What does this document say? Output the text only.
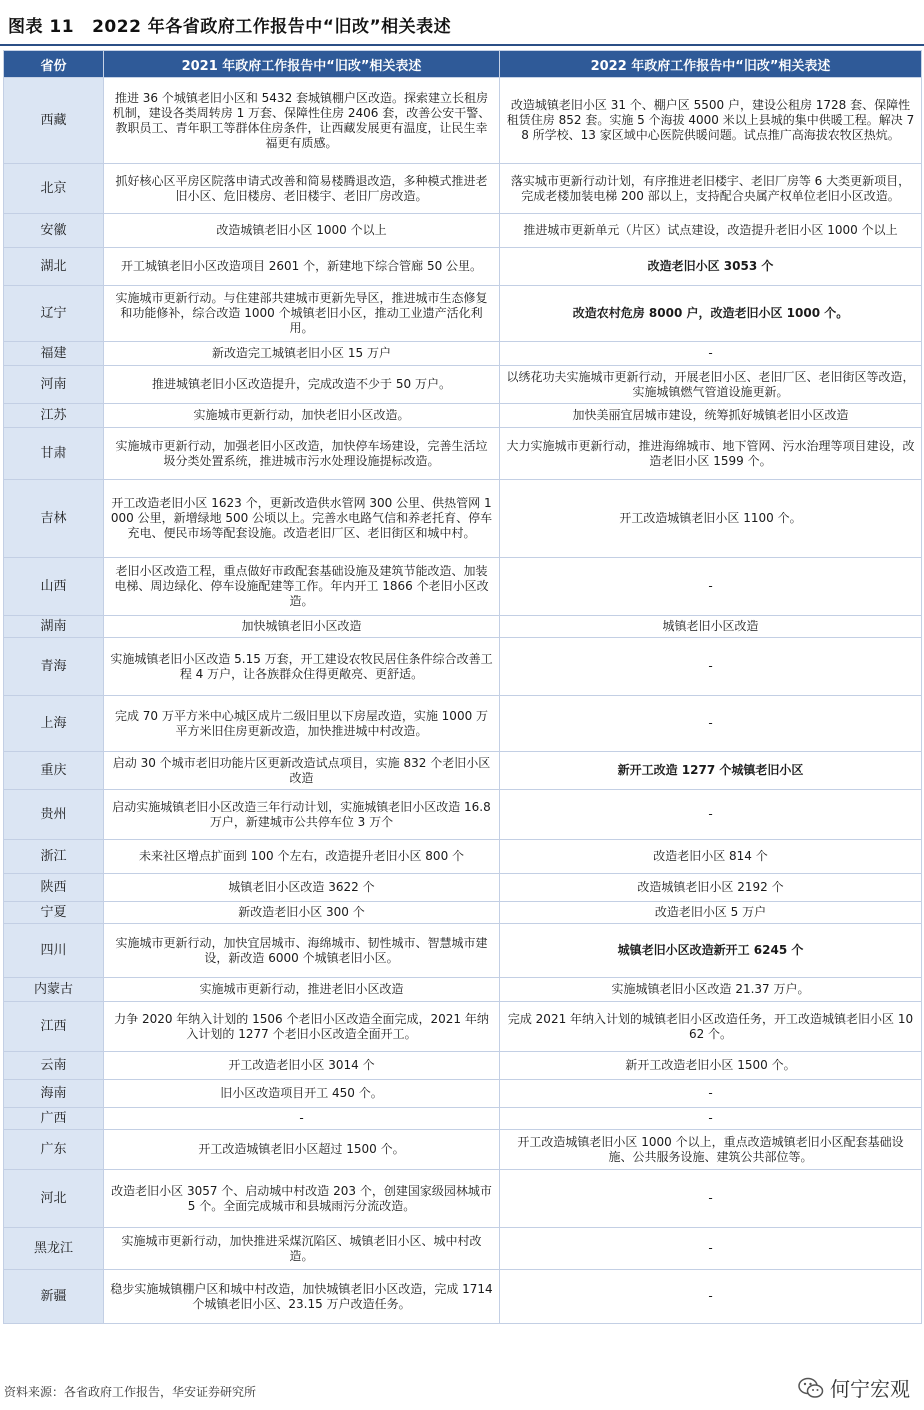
图表 11 2022 年各省政府工作报告中“旧改”相关表述
省份	2021 年政府工作报告中“旧改”相关表述	2022 年政府工作报告中“旧改”相关表述
西藏	推进 36 个城镇老旧小区和 5432 套城镇棚户区改造。探索建立长租房机制，建设各类周转房 1 万套、保障性住房 2406 套，改善公安干警、教职员工、青年职工等群体住房条件，让西藏发展更有温度，让民生幸福更有质感。	改造城镇老旧小区 31 个、棚户区 5500 户，建设公租房 1728 套、保障性租赁住房 852 套。实施 5 个海拔 4000 米以上县城的集中供暖工程。解决 78 所学校、13 家区域中心医院供暖问题。试点推广高海拔农牧区热炕。
北京	抓好核心区平房区院落申请式改善和简易楼腾退改造，多种模式推进老旧小区、危旧楼房、老旧楼宇、老旧厂房改造。	落实城市更新行动计划，有序推进老旧楼宇、老旧厂房等 6 大类更新项目，完成老楼加装电梯 200 部以上，支持配合央属产权单位老旧小区改造。
安徽	改造城镇老旧小区 1000 个以上	推进城市更新单元（片区）试点建设，改造提升老旧小区 1000 个以上
湖北	开工城镇老旧小区改造项目 2601 个，新建地下综合管廊 50 公里。	改造老旧小区 3053 个
辽宁	实施城市更新行动。与住建部共建城市更新先导区，推进城市生态修复和功能修补，综合改造 1000 个城镇老旧小区，推动工业遗产活化利用。	改造农村危房 8000 户，改造老旧小区 1000 个。
福建	新改造完工城镇老旧小区 15 万户	-
河南	推进城镇老旧小区改造提升，完成改造不少于 50 万户。	以绣花功夫实施城市更新行动，开展老旧小区、老旧厂区、老旧街区等改造，实施城镇燃气管道设施更新。
江苏	实施城市更新行动，加快老旧小区改造。	加快美丽宜居城市建设，统筹抓好城镇老旧小区改造
甘肃	实施城市更新行动，加强老旧小区改造，加快停车场建设，完善生活垃圾分类处置系统，推进城市污水处理设施提标改造。	大力实施城市更新行动，推进海绵城市、地下管网、污水治理等项目建设，改造老旧小区 1599 个。
吉林	开工改造老旧小区 1623 个，更新改造供水管网 300 公里、供热管网 1000 公里，新增绿地 500 公顷以上。完善水电路气信和养老托育、停车充电、便民市场等配套设施。改造老旧厂区、老旧街区和城中村。	开工改造城镇老旧小区 1100 个。
山西	老旧小区改造工程，重点做好市政配套基础设施及建筑节能改造、加装电梯、周边绿化、停车设施配建等工作。年内开工 1866 个老旧小区改造。	-
湖南	加快城镇老旧小区改造	城镇老旧小区改造
青海	实施城镇老旧小区改造 5.15 万套，开工建设农牧民居住条件综合改善工程 4 万户，让各族群众住得更敞亮、更舒适。	-
上海	完成 70 万平方米中心城区成片二级旧里以下房屋改造，实施 1000 万平方米旧住房更新改造，加快推进城中村改造。	-
重庆	启动 30 个城市老旧功能片区更新改造试点项目，实施 832 个老旧小区改造	新开工改造 1277 个城镇老旧小区
贵州	启动实施城镇老旧小区改造三年行动计划，实施城镇老旧小区改造 16.8 万户，新建城市公共停车位 3 万个	-
浙江	未来社区增点扩面到 100 个左右，改造提升老旧小区 800 个	改造老旧小区 814 个
陕西	城镇老旧小区改造 3622 个	改造城镇老旧小区 2192 个
宁夏	新改造老旧小区 300 个	改造老旧小区 5 万户
四川	实施城市更新行动，加快宜居城市、海绵城市、韧性城市、智慧城市建设，新改造 6000 个城镇老旧小区。	城镇老旧小区改造新开工 6245 个
内蒙古	实施城市更新行动，推进老旧小区改造	实施城镇老旧小区改造 21.37 万户。
江西	力争 2020 年纳入计划的 1506 个老旧小区改造全面完成，2021 年纳入计划的 1277 个老旧小区改造全面开工。	完成 2021 年纳入计划的城镇老旧小区改造任务，开工改造城镇老旧小区 1062 个。
云南	开工改造老旧小区 3014 个	新开工改造老旧小区 1500 个。
海南	旧小区改造项目开工 450 个。	-
广西	-	-
广东	开工改造城镇老旧小区超过 1500 个。	开工改造城镇老旧小区 1000 个以上，重点改造城镇老旧小区配套基础设施、公共服务设施、建筑公共部位等。
河北	改造老旧小区 3057 个、启动城中村改造 203 个，创建国家级园林城市 5 个。全面完成城市和县城雨污分流改造。	-
黑龙江	实施城市更新行动，加快推进采煤沉陷区、城镇老旧小区、城中村改造。	-
新疆	稳步实施城镇棚户区和城中村改造，加快城镇老旧小区改造，完成 1714 个城镇老旧小区、23.15 万户改造任务。	-
资料来源：各省政府工作报告，华安证券研究所	何宁宏观
